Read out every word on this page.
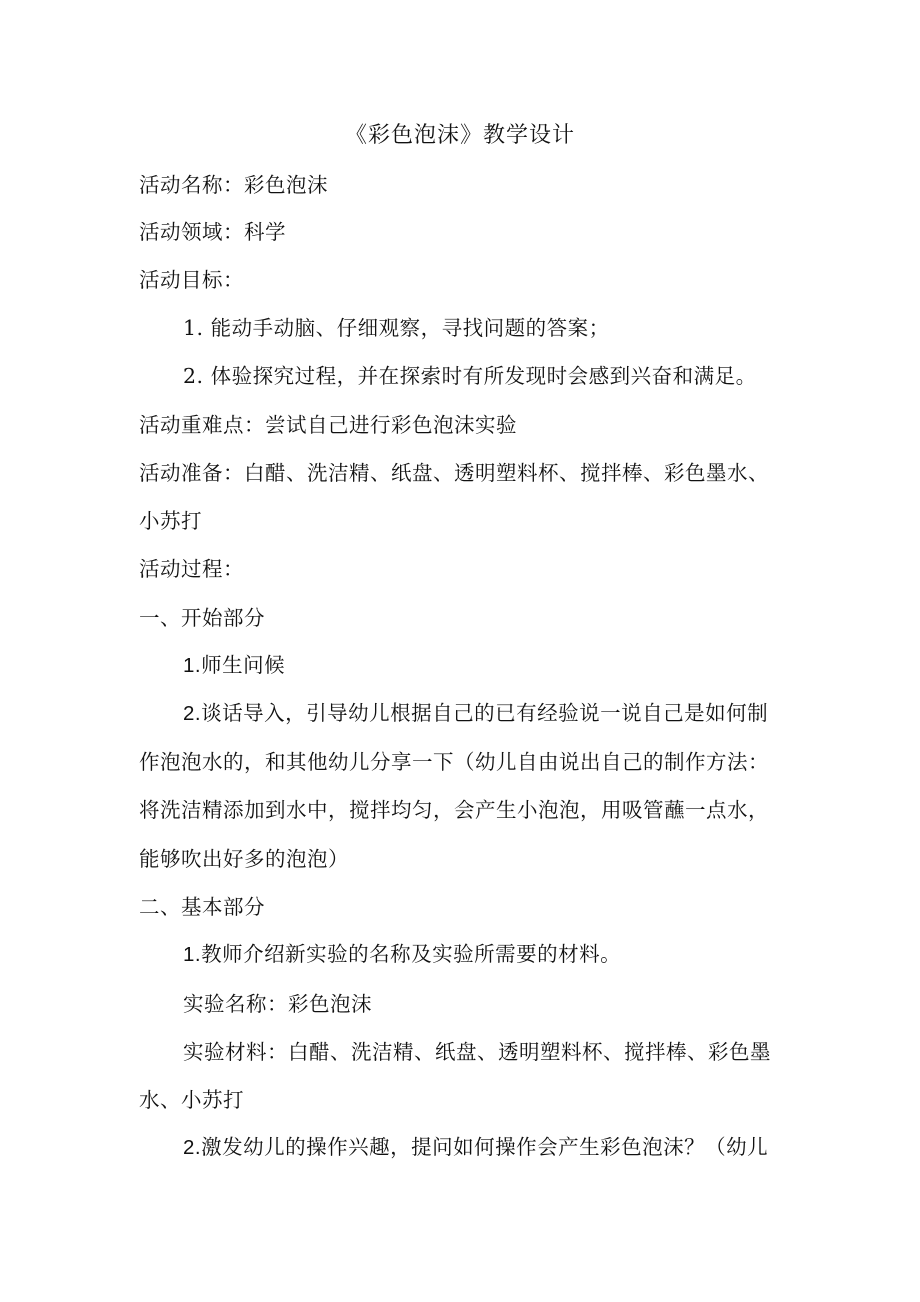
《彩色泡沫》教学设计
活动名称：彩色泡沫
活动领域：科学
活动目标：
1. 能动手动脑、仔细观察，寻找问题的答案；
2. 体验探究过程，并在探索时有所发现时会感到兴奋和满足。
活动重难点：尝试自己进行彩色泡沫实验
活动准备：白醋、洗洁精、纸盘、透明塑料杯、搅拌棒、彩色墨水、
小苏打
活动过程：
一、开始部分
1.师生问候
2.谈话导入，引导幼儿根据自己的已有经验说一说自己是如何制
作泡泡水的，和其他幼儿分享一下（幼儿自由说出自己的制作方法：
将洗洁精添加到水中，搅拌均匀，会产生小泡泡，用吸管蘸一点水，
能够吹出好多的泡泡）
二、基本部分
1.教师介绍新实验的名称及实验所需要的材料。
实验名称：彩色泡沫
实验材料：白醋、洗洁精、纸盘、透明塑料杯、搅拌棒、彩色墨
水、小苏打
2.激发幼儿的操作兴趣，提问如何操作会产生彩色泡沫？（幼儿
